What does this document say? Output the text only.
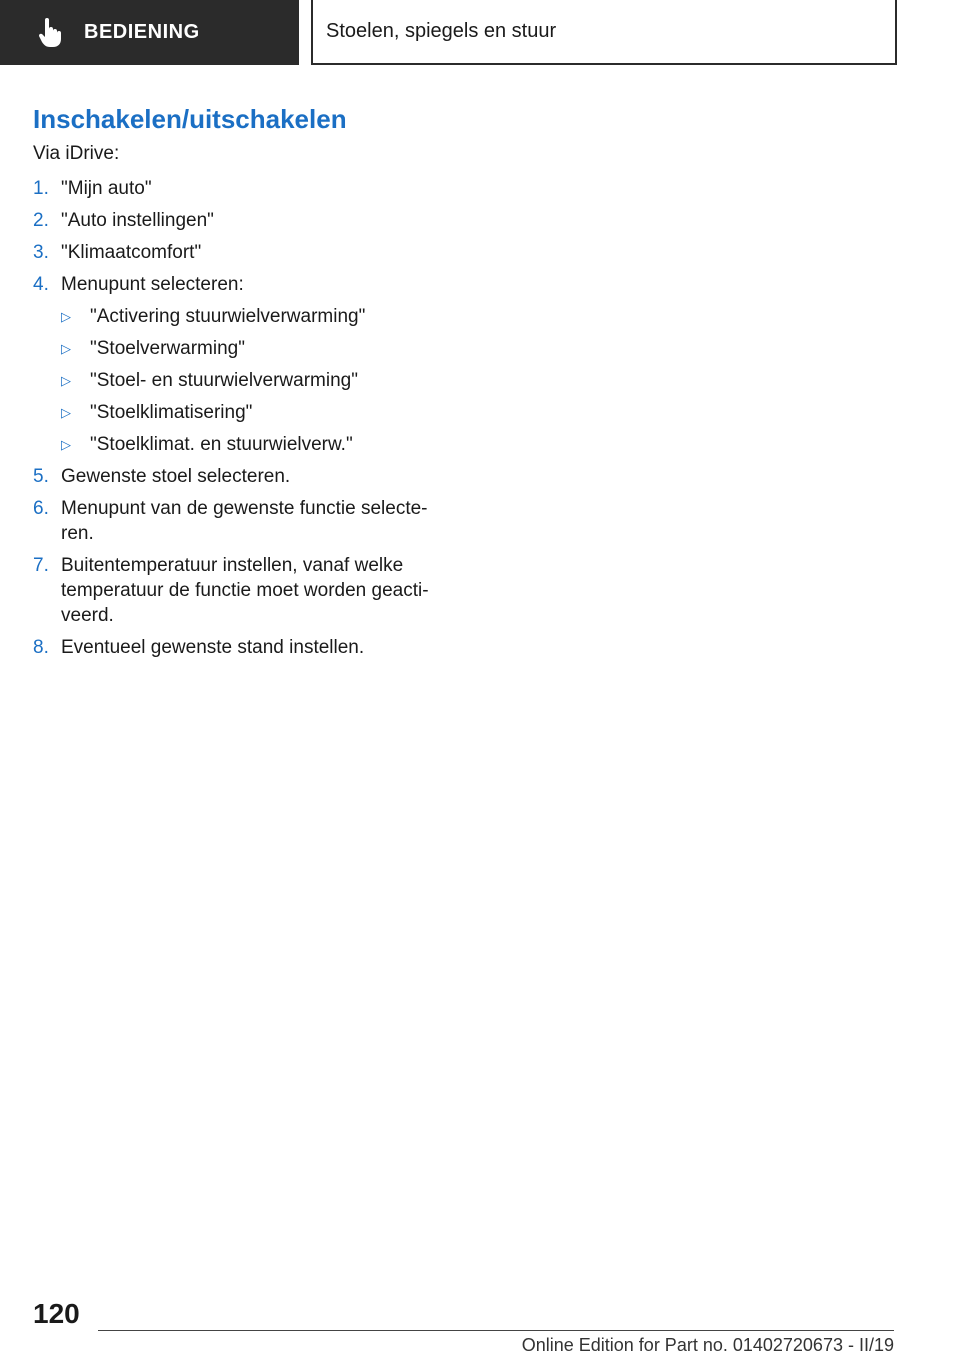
BEDIENING	Stoelen, spiegels en stuur
Inschakelen/uitschakelen
Via iDrive:
1. "Mijn auto"
2. "Auto instellingen"
3. "Klimaatcomfort"
4. Menupunt selecteren:
▷	"Activering stuurwielverwarming"
▷	"Stoelverwarming"
▷	"Stoel- en stuurwielverwarming"
▷	"Stoelklimatisering"
▷	"Stoelklimat. en stuurwielverw."
5. Gewenste stoel selecteren.
6. Menupunt van de gewenste functie selecte- ren.
7. Buitentemperatuur instellen, vanaf welke temperatuur de functie moet worden geacti- veerd.
8. Eventueel gewenste stand instellen.
120
Online Edition for Part no. 01402720673 - II/19
